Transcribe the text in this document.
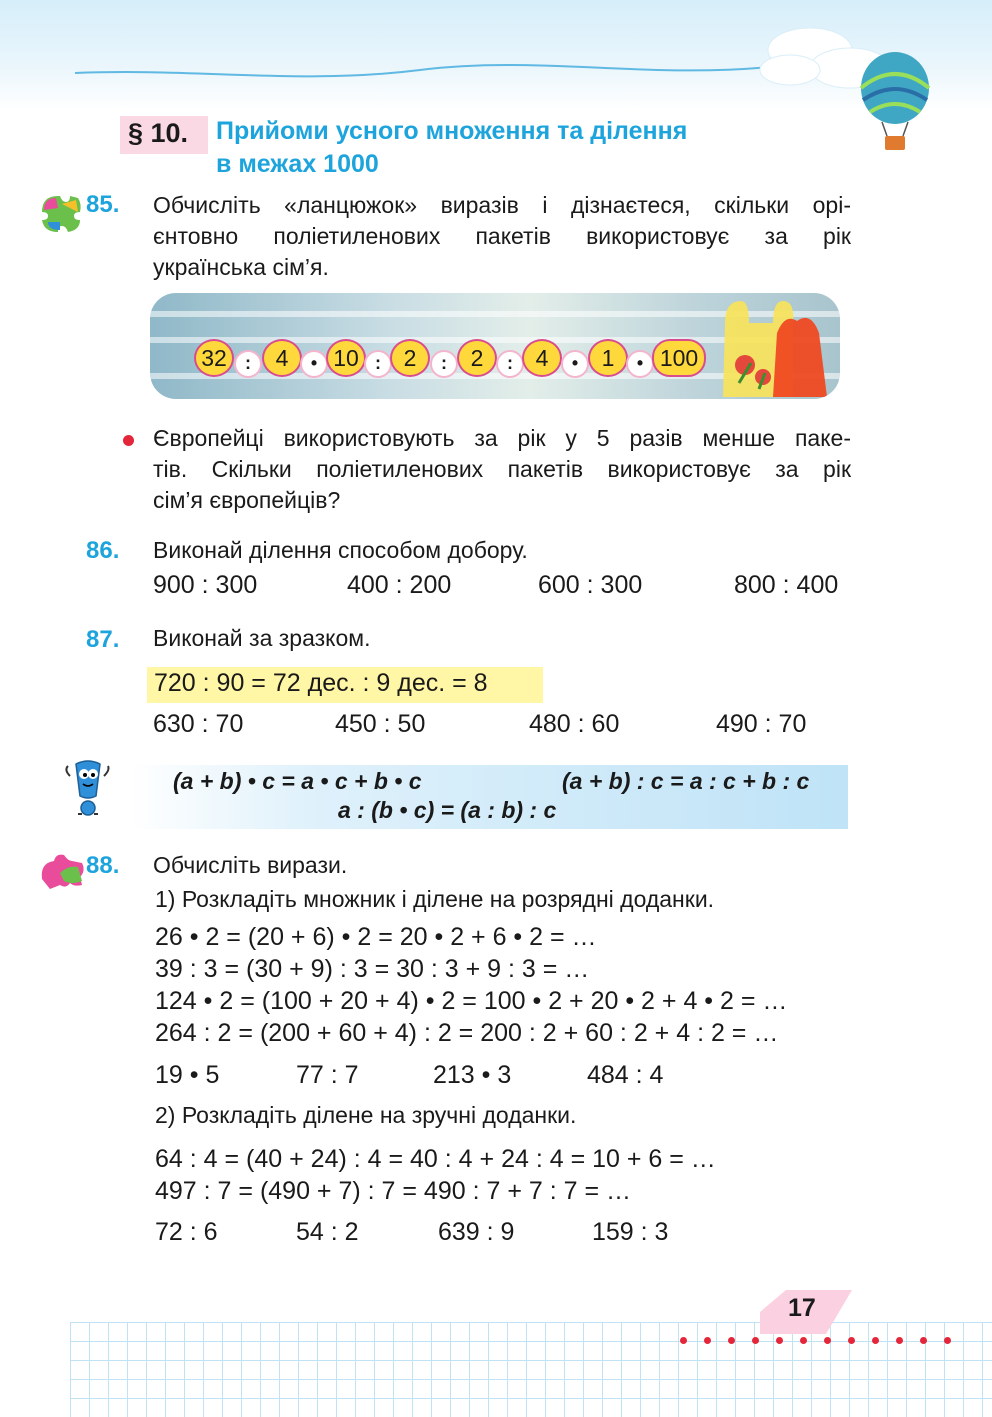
§ 10. Прийоми усного множення та ділення
в межах 1000
85. Обчисліть «ланцюжок» виразів і дізнаєтеся, скільки орі-
єнтовно поліетиленових пакетів використовує за рік
українська сім’я.
32	:	4	• 10 : 2	:	2	: 4	•	1	• 100
Європейці використовують за рік у 5 разів менше паке-
тів. Скільки поліетиленових пакетів використовує за рік
сім’я європейців?
86. Виконай ділення способом добору.
900 : 300	400 : 200	600 : 300	800 : 400
87. Виконай за зразком.
720 : 90 = 72 дес. : 9 дес. = 8
630 : 70	450 : 50	480 : 60	490 : 70
(a + b) • c = a • c + b • c	(a + b) : c = a : c + b : c
a : (b • c) = (a : b) : c
88. Обчисліть вирази.
1) Розкладіть множник і ділене на розрядні доданки.
26 • 2 = (20 + 6) • 2 = 20 • 2 + 6 • 2 = …
39 : 3 = (30 + 9) : 3 = 30 : 3 + 9 : 3 = …
124 • 2 = (100 + 20 + 4) • 2 = 100 • 2 + 20 • 2 + 4 • 2 = …
264 : 2 = (200 + 60 + 4) : 2 = 200 : 2 + 60 : 2 + 4 : 2 = …
19 • 5	77 : 7	213 • 3	484 : 4
2) Розкладіть ділене на зручні доданки.
64 : 4 = (40 + 24) : 4 = 40 : 4 + 24 : 4 = 10 + 6 = …
497 : 7 = (490 + 7) : 7 = 490 : 7 + 7 : 7 = …
72 : 6	54 : 2	639 : 9	159 : 3
17
